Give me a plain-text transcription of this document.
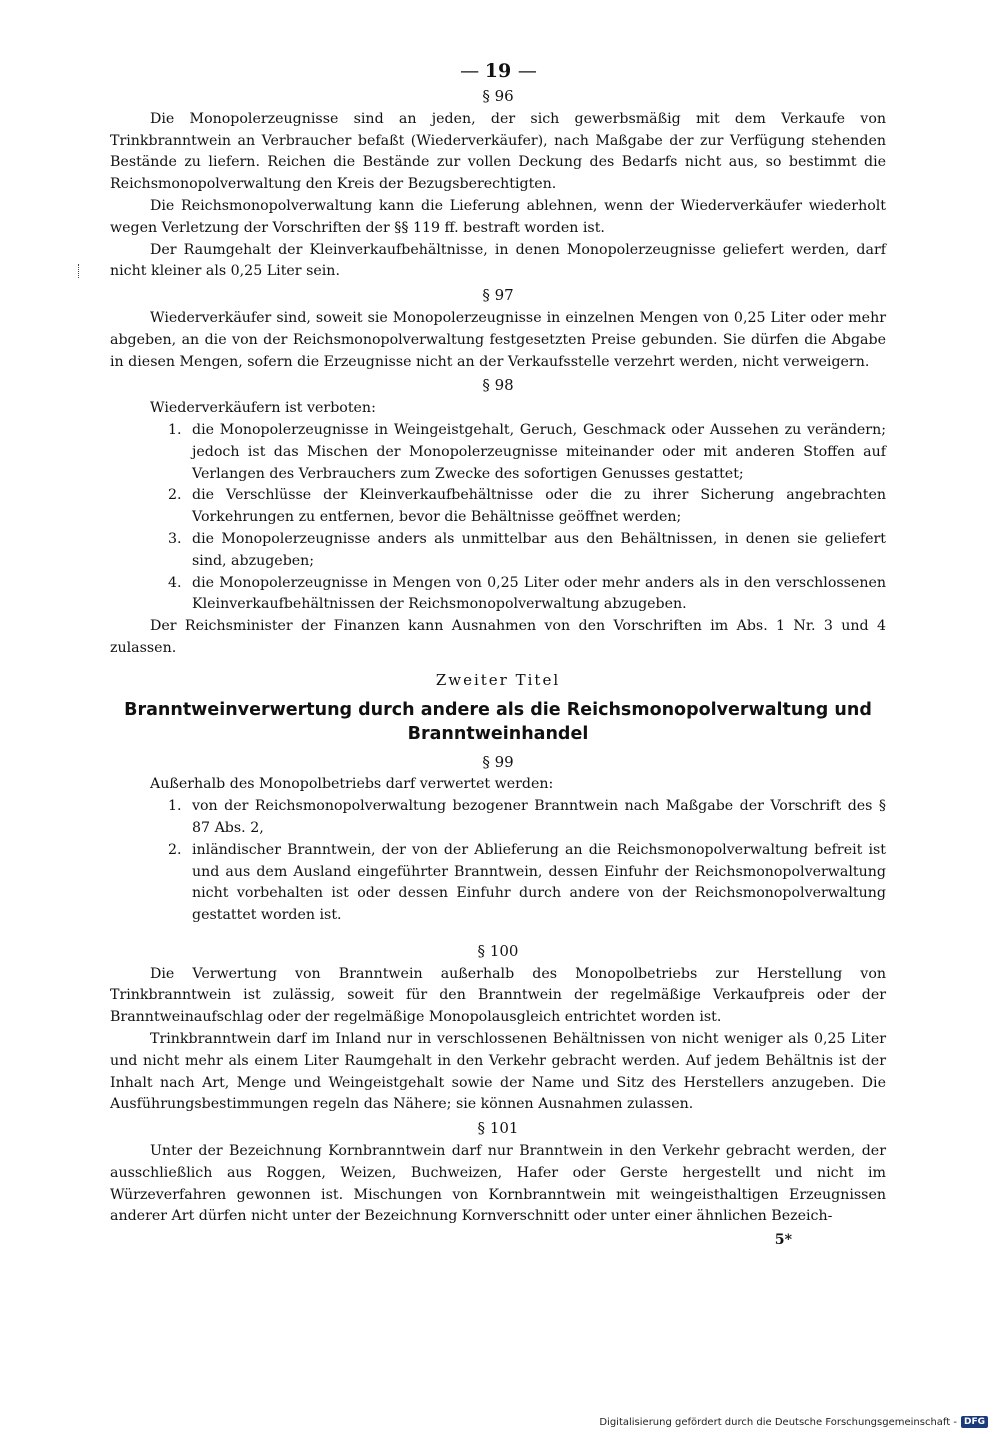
— 19 —
§ 96

Die Monopolerzeugnisse sind an jeden, der sich gewerbsmäßig mit dem Verkaufe von Trinkbranntwein an Verbraucher befaßt (Wiederverkäufer), nach Maßgabe der zur Verfügung stehenden Bestände zu liefern. Reichen die Bestände zur vollen Deckung des Bedarfs nicht aus, so bestimmt die Reichsmonopolverwaltung den Kreis der Bezugsberechtigten.

Die Reichsmonopolverwaltung kann die Lieferung ablehnen, wenn der Wiederverkäufer wiederholt wegen Verletzung der Vorschriften der §§ 119 ff. bestraft worden ist.

Der Raumgehalt der Kleinverkaufbehältnisse, in denen Monopolerzeugnisse geliefert werden, darf nicht kleiner als 0,25 Liter sein.

§ 97

Wiederverkäufer sind, soweit sie Monopolerzeugnisse in einzelnen Mengen von 0,25 Liter oder mehr abgeben, an die von der Reichsmonopolverwaltung festgesetzten Preise gebunden. Sie dürfen die Abgabe in diesen Mengen, sofern die Erzeugnisse nicht an der Verkaufsstelle verzehrt werden, nicht verweigern.

§ 98

Wiederverkäufern ist verboten:

1. die Monopolerzeugnisse in Weingeistgehalt, Geruch, Geschmack oder Aussehen zu verändern; jedoch ist das Mischen der Monopolerzeugnisse miteinander oder mit anderen Stoffen auf Verlangen des Verbrauchers zum Zwecke des sofortigen Genusses gestattet;
2. die Verschlüsse der Kleinverkaufbehältnisse oder die zu ihrer Sicherung angebrachten Vorkehrungen zu entfernen, bevor die Behältnisse geöffnet werden;
3. die Monopolerzeugnisse anders als unmittelbar aus den Behältnissen, in denen sie geliefert sind, abzugeben;
4. die Monopolerzeugnisse in Mengen von 0,25 Liter oder mehr anders als in den verschlossenen Kleinverkaufbehältnissen der Reichsmonopolverwaltung abzugeben.

Der Reichsminister der Finanzen kann Ausnahmen von den Vorschriften im Abs. 1 Nr. 3 und 4 zulassen.

Zweiter Titel
Branntweinverwertung durch andere als die Reichsmonopolverwaltung und Branntweinhandel
§ 99

Außerhalb des Monopolbetriebs darf verwertet werden:

1. von der Reichsmonopolverwaltung bezogener Branntwein nach Maßgabe der Vorschrift des § 87 Abs. 2,
2. inländischer Branntwein, der von der Ablieferung an die Reichsmonopolverwaltung befreit ist und aus dem Ausland eingeführter Branntwein, dessen Einfuhr der Reichsmonopolverwaltung nicht vorbehalten ist oder dessen Einfuhr durch andere von der Reichsmonopolverwaltung gestattet worden ist.
§ 100

Die Verwertung von Branntwein außerhalb des Monopolbetriebs zur Herstellung von Trinkbranntwein ist zulässig, soweit für den Branntwein der regelmäßige Verkaufpreis oder der Branntweinaufschlag oder der regelmäßige Monopolausgleich entrichtet worden ist.

Trinkbranntwein darf im Inland nur in verschlossenen Behältnissen von nicht weniger als 0,25 Liter und nicht mehr als einem Liter Raumgehalt in den Verkehr gebracht werden. Auf jedem Behältnis ist der Inhalt nach Art, Menge und Weingeistgehalt sowie der Name und Sitz des Herstellers anzugeben. Die Ausführungsbestimmungen regeln das Nähere; sie können Ausnahmen zulassen.

§ 101

Unter der Bezeichnung Kornbranntwein darf nur Branntwein in den Verkehr gebracht werden, der ausschließlich aus Roggen, Weizen, Buchweizen, Hafer oder Gerste hergestellt und nicht im Würzeverfahren gewonnen ist. Mischungen von Kornbranntwein mit weingeisthaltigen Erzeugnissen anderer Art dürfen nicht unter der Bezeichnung Kornverschnitt oder unter einer ähnlichen Bezeich-

5*
Digitalisierung gefördert durch die Deutsche Forschungsgemeinschaft - DFG
